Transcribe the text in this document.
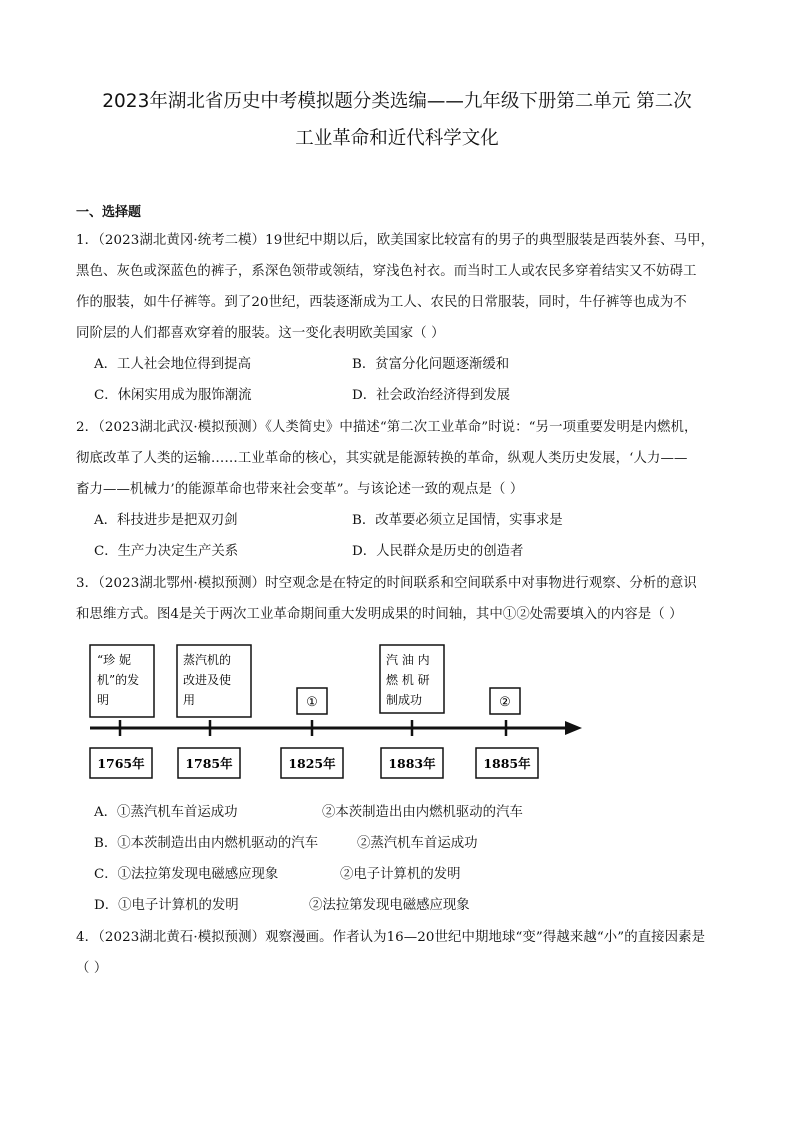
2023年湖北省历史中考模拟题分类选编——九年级下册第二单元 第二次
工业革命和近代科学文化
一、选择题
1．（2023湖北黄冈·统考二模）19世纪中期以后，欧美国家比较富有的男子的典型服装是西装外套、马甲，
黑色、灰色或深蓝色的裤子，系深色领带或领结，穿浅色衬衣。而当时工人或农民多穿着结实又不妨碍工
作的服装，如牛仔裤等。到了20世纪，西装逐渐成为工人、农民的日常服装，同时，牛仔裤等也成为不
同阶层的人们都喜欢穿着的服装。这一变化表明欧美国家（ ）
A．工人社会地位得到提高	B．贫富分化问题逐渐缓和
C．休闲实用成为服饰潮流	D．社会政治经济得到发展
2．（2023湖北武汉·模拟预测）《人类简史》中描述“第二次工业革命”时说：“另一项重要发明是内燃机，
彻底改革了人类的运输……工业革命的核心，其实就是能源转换的革命，纵观人类历史发展，‘人力——
畜力——机械力’的能源革命也带来社会变革”。与该论述一致的观点是（ ）
A．科技进步是把双刃剑	B．改革要必须立足国情，实事求是
C．生产力决定生产关系	D．人民群众是历史的创造者
3．（2023湖北鄂州·模拟预测）时空观念是在特定的时间联系和空间联系中对事物进行观察、分析的意识
和思维方式。图4是关于两次工业革命期间重大发明成果的时间轴，其中①②处需要填入的内容是（ ）
“珍 妮
机”的发
明
1765年
蒸汽机的
改进及使
用
1785年
①
1825年
汽 油 内
燃 机 研
制成功
1883年
②
1885年
A．①蒸汽机车首运成功	②本茨制造出由内燃机驱动的汽车
B．①本茨制造出由内燃机驱动的汽车	②蒸汽机车首运成功
C．①法拉第发现电磁感应现象	②电子计算机的发明
D．①电子计算机的发明	②法拉第发现电磁感应现象
4．（2023湖北黄石·模拟预测）观察漫画。作者认为16—20世纪中期地球“变”得越来越“小”的直接因素是
（ ）
